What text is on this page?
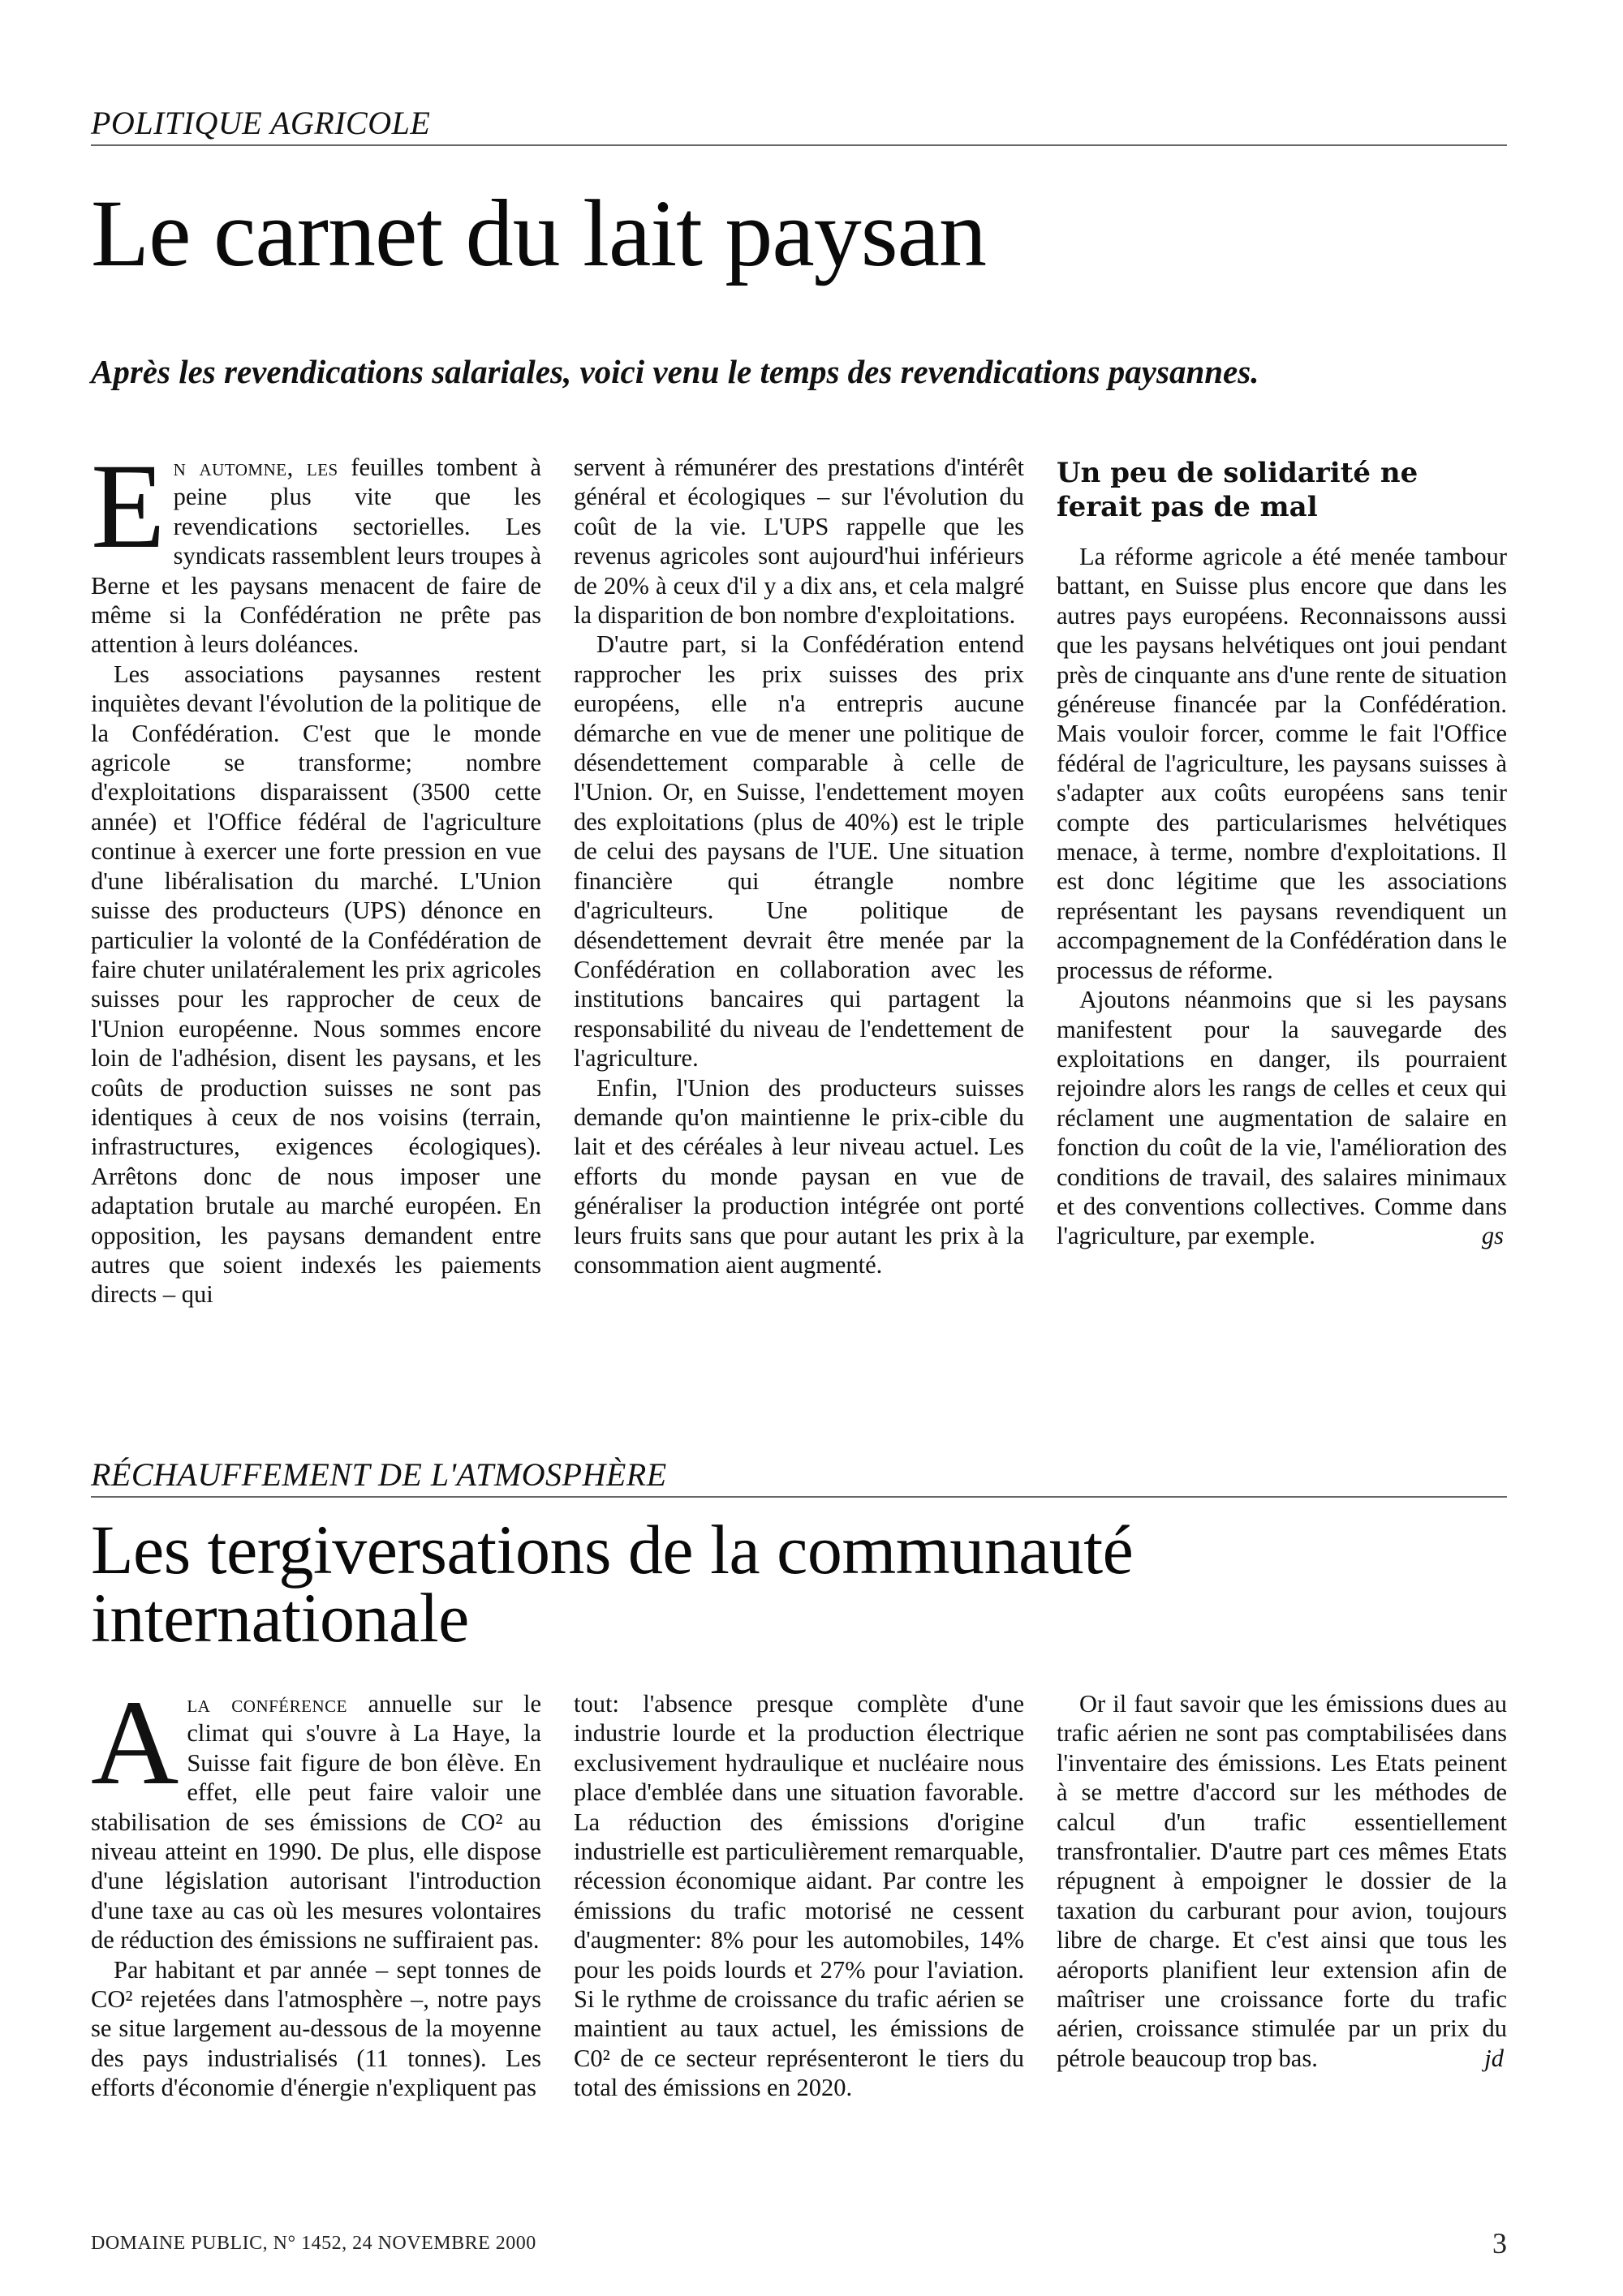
POLITIQUE AGRICOLE
Le carnet du lait paysan

Après les revendications salariales, voici venu le temps des revendications paysannes.

En automne, les feuilles tombent à peine plus vite que les revendications sectorielles. Les syndicats rassemblent leurs troupes à Berne et les paysans menacent de faire de même si la Confédération ne prête pas attention à leurs doléances.

Les associations paysannes restent inquiètes devant l'évolution de la politique de la Confédération. C'est que le monde agricole se transforme; nombre d'exploitations disparaissent (3500 cette année) et l'Office fédéral de l'agriculture continue à exercer une forte pression en vue d'une libéralisation du marché. L'Union suisse des producteurs (UPS) dénonce en particulier la volonté de la Confédération de faire chuter unilatéralement les prix agricoles suisses pour les rapprocher de ceux de l'Union européenne. Nous sommes encore loin de l'adhésion, disent les paysans, et les coûts de production suisses ne sont pas identiques à ceux de nos voisins (terrain, infrastructures, exigences écologiques). Arrêtons donc de nous imposer une adaptation brutale au marché européen. En opposition, les paysans demandent entre autres que soient indexés les paiements directs – qui

servent à rémunérer des prestations d'intérêt général et écologiques – sur l'évolution du coût de la vie. L'UPS rappelle que les revenus agricoles sont aujourd'hui inférieurs de 20% à ceux d'il y a dix ans, et cela malgré la disparition de bon nombre d'exploitations.

D'autre part, si la Confédération entend rapprocher les prix suisses des prix européens, elle n'a entrepris aucune démarche en vue de mener une politique de désendettement comparable à celle de l'Union. Or, en Suisse, l'endettement moyen des exploitations (plus de 40%) est le triple de celui des paysans de l'UE. Une situation financière qui étrangle nombre d'agriculteurs. Une politique de désendettement devrait être menée par la Confédération en collaboration avec les institutions bancaires qui partagent la responsabilité du niveau de l'endettement de l'agriculture.

Enfin, l'Union des producteurs suisses demande qu'on maintienne le prix-cible du lait et des céréales à leur niveau actuel. Les efforts du monde paysan en vue de généraliser la production intégrée ont porté leurs fruits sans que pour autant les prix à la consommation aient augmenté.

Un peu de solidarité ne ferait pas de mal

La réforme agricole a été menée tambour battant, en Suisse plus encore que dans les autres pays européens. Reconnaissons aussi que les paysans helvétiques ont joui pendant près de cinquante ans d'une rente de situation généreuse financée par la Confédération. Mais vouloir forcer, comme le fait l'Office fédéral de l'agriculture, les paysans suisses à s'adapter aux coûts européens sans tenir compte des particularismes helvétiques menace, à terme, nombre d'exploitations. Il est donc légitime que les associations représentant les paysans revendiquent un accompagnement de la Confédération dans le processus de réforme.

Ajoutons néanmoins que si les paysans manifestent pour la sauvegarde des exploitations en danger, ils pourraient rejoindre alors les rangs de celles et ceux qui réclament une augmentation de salaire en fonction du coût de la vie, l'amélioration des conditions de travail, des salaires minimaux et des conventions collectives. Comme dans l'agriculture, par exemple.	gs

RÉCHAUFFEMENT DE L'ATMOSPHÈRE
Les tergiversations de la communauté internationale

Ala conférence annuelle sur le climat qui s'ouvre à La Haye, la Suisse fait figure de bon élève. En effet, elle peut faire valoir une stabilisation de ses émissions de CO² au niveau atteint en 1990. De plus, elle dispose d'une législation autorisant l'introduction d'une taxe au cas où les mesures volontaires de réduction des émissions ne suffiraient pas.

Par habitant et par année – sept tonnes de CO² rejetées dans l'atmosphère –, notre pays se situe largement au-dessous de la moyenne des pays industrialisés (11 tonnes). Les efforts d'économie d'énergie n'expliquent pas

tout: l'absence presque complète d'une industrie lourde et la production électrique exclusivement hydraulique et nucléaire nous place d'emblée dans une situation favorable. La réduction des émissions d'origine industrielle est particulièrement remarquable, récession économique aidant. Par contre les émissions du trafic motorisé ne cessent d'augmenter: 8% pour les automobiles, 14% pour les poids lourds et 27% pour l'aviation. Si le rythme de croissance du trafic aérien se maintient au taux actuel, les émissions de C0² de ce secteur représenteront le tiers du total des émissions en 2020.

Or il faut savoir que les émissions dues au trafic aérien ne sont pas comptabilisées dans l'inventaire des émissions. Les Etats peinent à se mettre d'accord sur les méthodes de calcul d'un trafic essentiellement transfrontalier. D'autre part ces mêmes Etats répugnent à empoigner le dossier de la taxation du carburant pour avion, toujours libre de charge. Et c'est ainsi que tous les aéroports planifient leur extension afin de maîtriser une croissance forte du trafic aérien, croissance stimulée par un prix du pétrole beaucoup trop bas.	jd

DOMAINE PUBLIC, N° 1452, 24 NOVEMBRE 2000	3
